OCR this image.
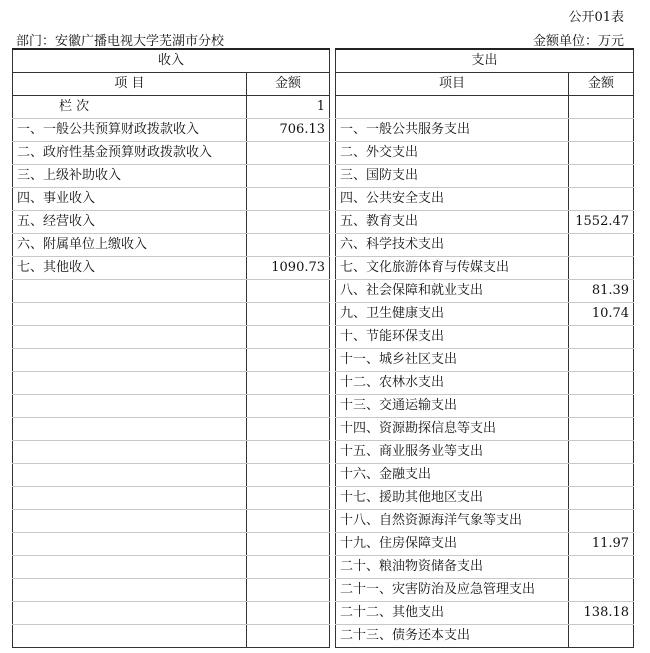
公开01表
部门：安徽广播电视大学芜湖市分校	金额单位：万元
收入			支出	
项 目	金额		项目	金额
栏 次	1			
一、一般公共预算财政拨款收入	706.13		一、一般公共服务支出	
二、政府性基金预算财政拨款收入			二、外交支出	
三、上级补助收入			三、国防支出	
四、事业收入			四、公共安全支出	
五、经营收入			五、教育支出	1552.47
六、附属单位上缴收入			六、科学技术支出	
七、其他收入	1090.73		七、文化旅游体育与传媒支出	
			八、社会保障和就业支出	81.39
			九、卫生健康支出	10.74
			十、节能环保支出	
			十一、城乡社区支出	
			十二、农林水支出	
			十三、交通运输支出	
			十四、资源勘探信息等支出	
			十五、商业服务业等支出	
			十六、金融支出	
			十七、援助其他地区支出	
			十八、自然资源海洋气象等支出	
			十九、住房保障支出	11.97
			二十、粮油物资储备支出	
			二十一、灾害防治及应急管理支出	
			二十二、其他支出	138.18
			二十三、债务还本支出	
